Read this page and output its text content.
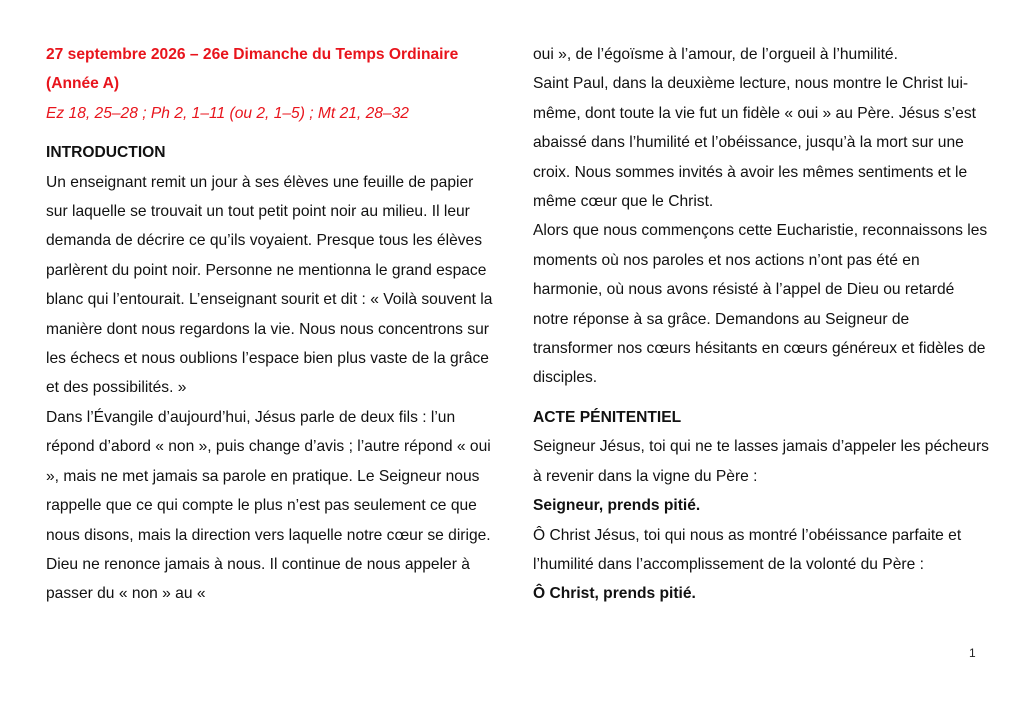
27 septembre 2026 – 26e Dimanche du Temps Ordinaire (Année A)

Ez 18, 25–28 ; Ph 2, 1–11 (ou 2, 1–5) ; Mt 21, 28–32

INTRODUCTION

Un enseignant remit un jour à ses élèves une feuille de papier sur laquelle se trouvait un tout petit point noir au milieu. Il leur demanda de décrire ce qu’ils voyaient. Presque tous les élèves parlèrent du point noir. Personne ne mentionna le grand espace blanc qui l’entourait. L’enseignant sourit et dit : « Voilà souvent la manière dont nous regardons la vie. Nous nous concentrons sur les échecs et nous oublions l’espace bien plus vaste de la grâce et des possibilités. »

Dans l’Évangile d’aujourd’hui, Jésus parle de deux fils : l’un répond d’abord « non », puis change d’avis ; l’autre répond « oui », mais ne met jamais sa parole en pratique. Le Seigneur nous rappelle que ce qui compte le plus n’est pas seulement ce que nous disons, mais la direction vers laquelle notre cœur se dirige. Dieu ne renonce jamais à nous. Il continue de nous appeler à passer du « non » au «

oui », de l’égoïsme à l’amour, de l’orgueil à l’humilité.

Saint Paul, dans la deuxième lecture, nous montre le Christ lui-même, dont toute la vie fut un fidèle « oui » au Père. Jésus s’est abaissé dans l’humilité et l’obéissance, jusqu’à la mort sur une croix. Nous sommes invités à avoir les mêmes sentiments et le même cœur que le Christ.

Alors que nous commençons cette Eucharistie, reconnaissons les moments où nos paroles et nos actions n’ont pas été en harmonie, où nous avons résisté à l’appel de Dieu ou retardé notre réponse à sa grâce. Demandons au Seigneur de transformer nos cœurs hésitants en cœurs généreux et fidèles de disciples.

ACTE PÉNITENTIEL

Seigneur Jésus, toi qui ne te lasses jamais d’appeler les pécheurs à revenir dans la vigne du Père :

Seigneur, prends pitié.

Ô Christ Jésus, toi qui nous as montré l’obéissance parfaite et l’humilité dans l’accomplissement de la volonté du Père :

Ô Christ, prends pitié.

1
